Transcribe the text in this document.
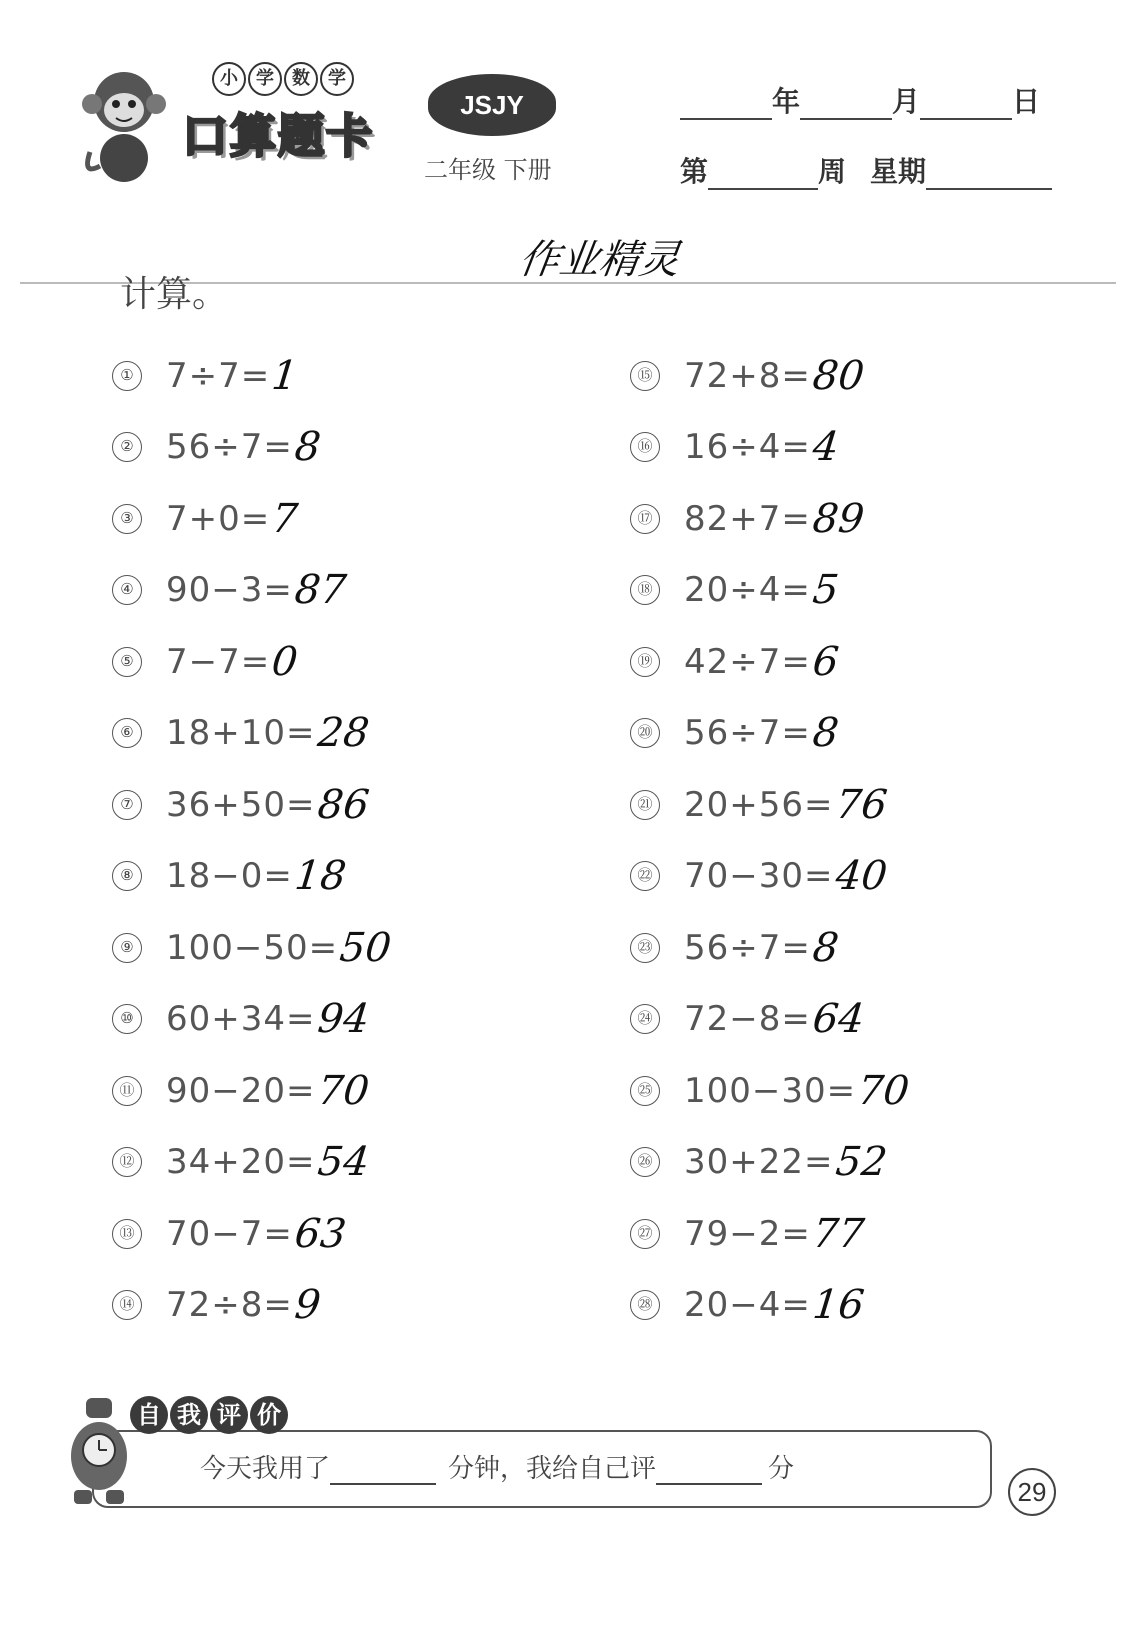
小	学	数	学
口算题卡
JSJY
二年级 下册
年	月	日
第	周 星期
作业精灵
计算。
① 7÷7= 1
② 56÷7= 8
③ 7+0= 7
④ 90−3= 87
⑤ 7−7= 0
⑥ 18+10= 28
⑦ 36+50= 86
⑧ 18−0= 18
⑨ 100−50= 50
⑩ 60+34= 94
⑪ 90−20= 70
⑫ 34+20= 54
⑬ 70−7= 63
⑭ 72÷8= 9
⑮ 72+8= 80
⑯ 16÷4= 4
⑰ 82+7= 89
⑱ 20÷4= 5
⑲ 42÷7= 6
⑳ 56÷7= 8
㉑ 20+56= 76
㉒ 70−30= 40
㉓ 56÷7= 8
㉔ 72−8= 64
㉕ 100−30= 70
㉖ 30+22= 52
㉗ 79−2= 77
㉘ 20−4= 16
自 我 评 价
今天我用了	分钟，我给自己评	分
29
